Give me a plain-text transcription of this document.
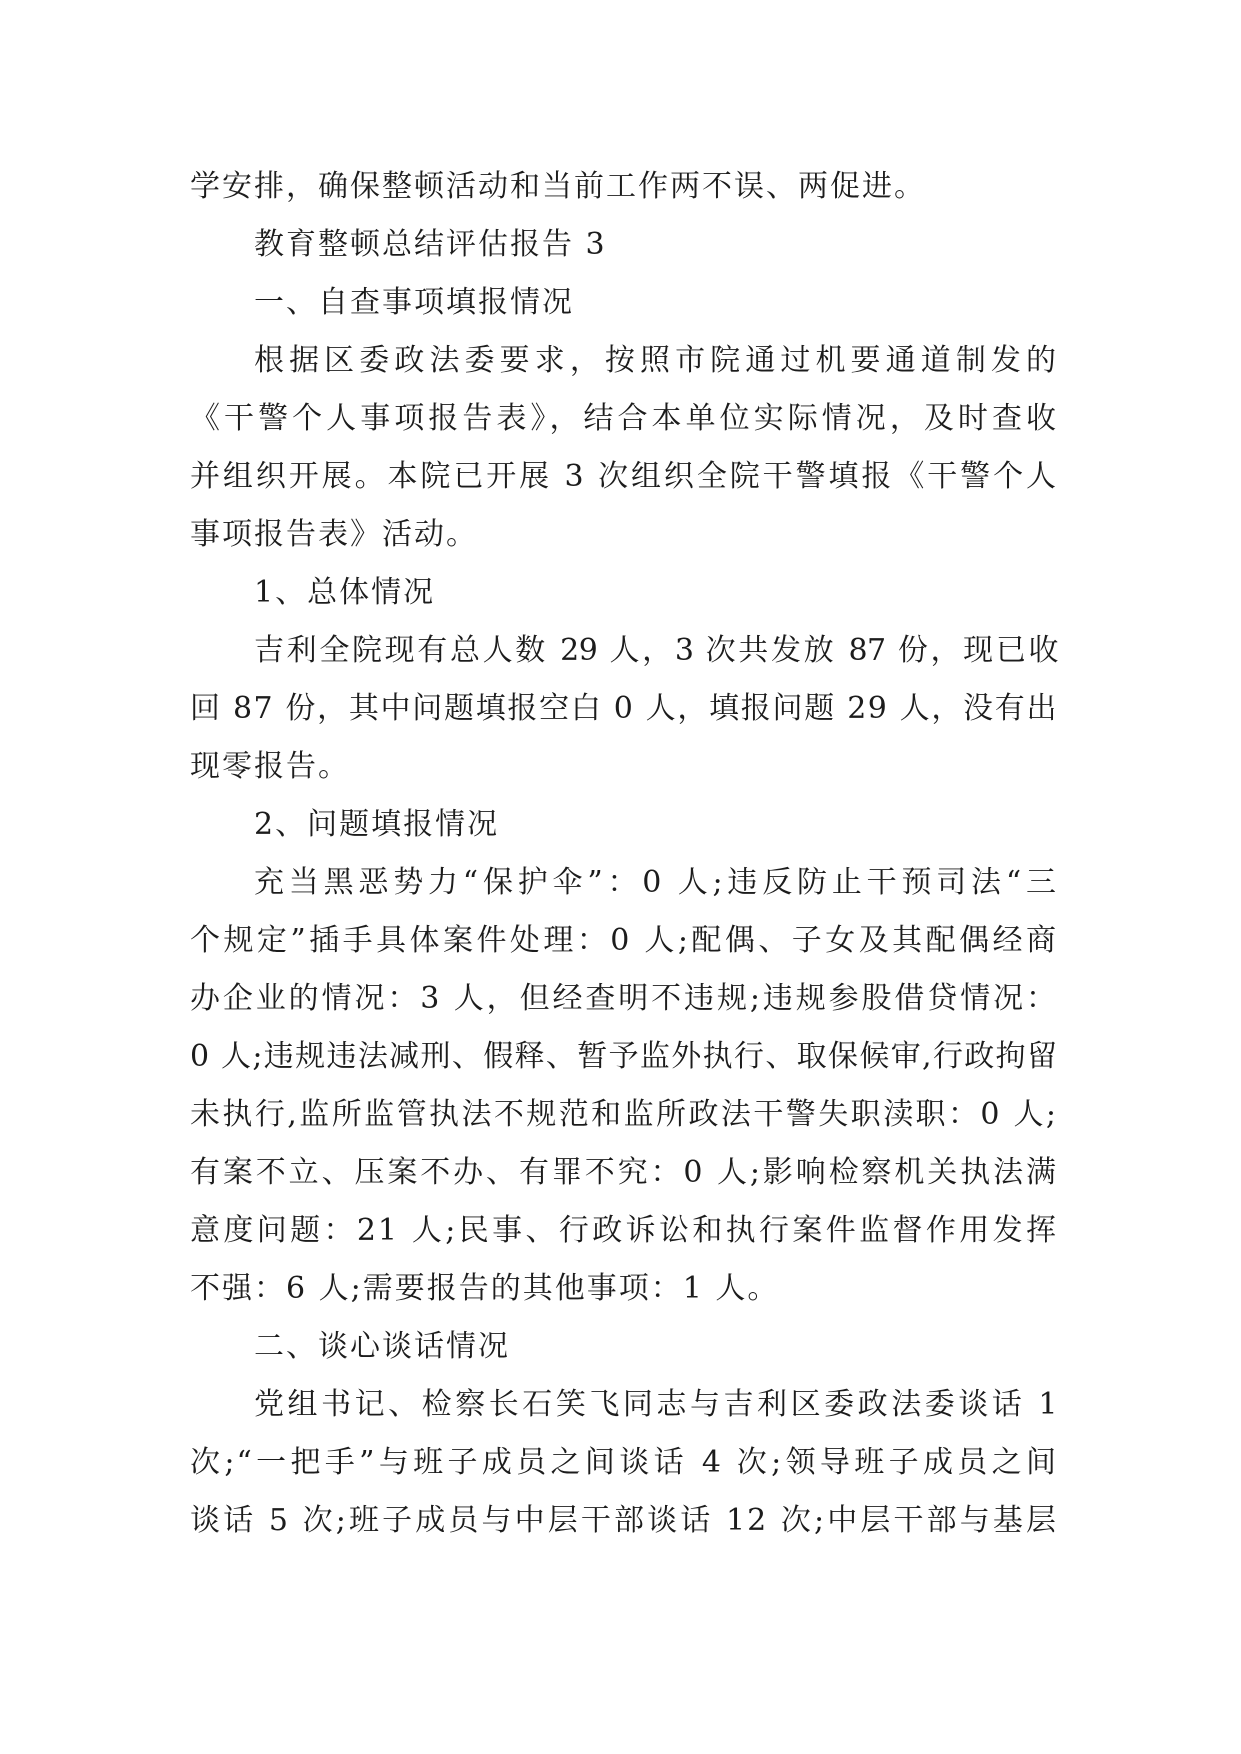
学安排，确保整顿活动和当前工作两不误、两促进。
教育整顿总结评估报告 3
一、自查事项填报情况
根据区委政法委要求，按照市院通过机要通道制发的
《干警个人事项报告表》，结合本单位实际情况，及时查收
并组织开展。本院已开展 3 次组织全院干警填报《干警个人
事项报告表》活动。
1、总体情况
吉利全院现有总人数 29 人，3 次共发放 87 份，现已收
回 87 份，其中问题填报空白 0 人，填报问题 29 人，没有出
现零报告。
2、问题填报情况
充当黑恶势力“保护伞”：0 人;违反防止干预司法“三
个规定”插手具体案件处理：0 人;配偶、子女及其配偶经商
办企业的情况：3 人，但经查明不违规;违规参股借贷情况：
0 人;违规违法减刑、假释、暂予监外执行、取保候审,行政拘留
未执行,监所监管执法不规范和监所政法干警失职渎职：0 人;
有案不立、压案不办、有罪不究：0 人;影响检察机关执法满
意度问题：21 人;民事、行政诉讼和执行案件监督作用发挥
不强：6 人;需要报告的其他事项：1 人。
二、谈心谈话情况
党组书记、检察长石笑飞同志与吉利区委政法委谈话 1
次;“一把手”与班子成员之间谈话 4 次;领导班子成员之间
谈话 5 次;班子成员与中层干部谈话 12 次;中层干部与基层
